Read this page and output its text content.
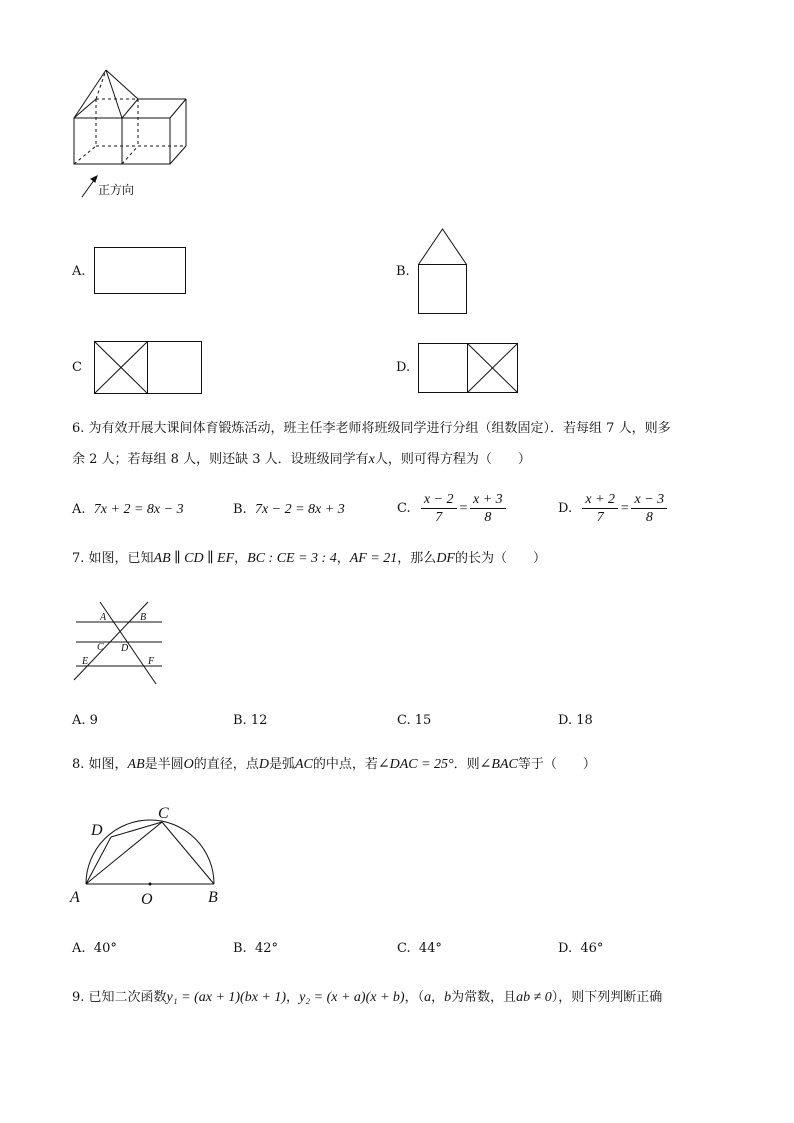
正方向
A.	B.
C	D.
6. 为有效开展大课间体育锻炼活动，班主任李老师将班级同学进行分组（组数固定）．若每组 7 人，则多
余 2 人；若每组 8 人，则还缺 3 人．设班级同学有x人，则可得方程为（　　）
A. 7x + 2 = 8x − 3	B. 7x − 2 = 8x + 3	C.
$\frac{x - 2}{7} = \frac{x + 3}{8}$	D.
$\frac{x + 2}{7} = \frac{x - 3}{8}$
7. 如图，已知AB ∥ CD ∥ EF，BC : CE = 3 : 4，AF = 21，那么DF的长为（　　）
A	B
C D
E	F
A. 9	B. 12	C. 15	D. 18
8. 如图，AB是半圆O的直径，点D是弧AC的中点，若∠DAC = 25°．则∠BAC等于（　　）
A	B
C
D
O
A. 40°	B. 42°	C. 44°	D. 46°
9. 已知二次函数y₁ = (ax + 1)(bx + 1)，y₂ = (x + a)(x + b)，（a，b为常数，且ab ≠ 0），则下列判断正确
